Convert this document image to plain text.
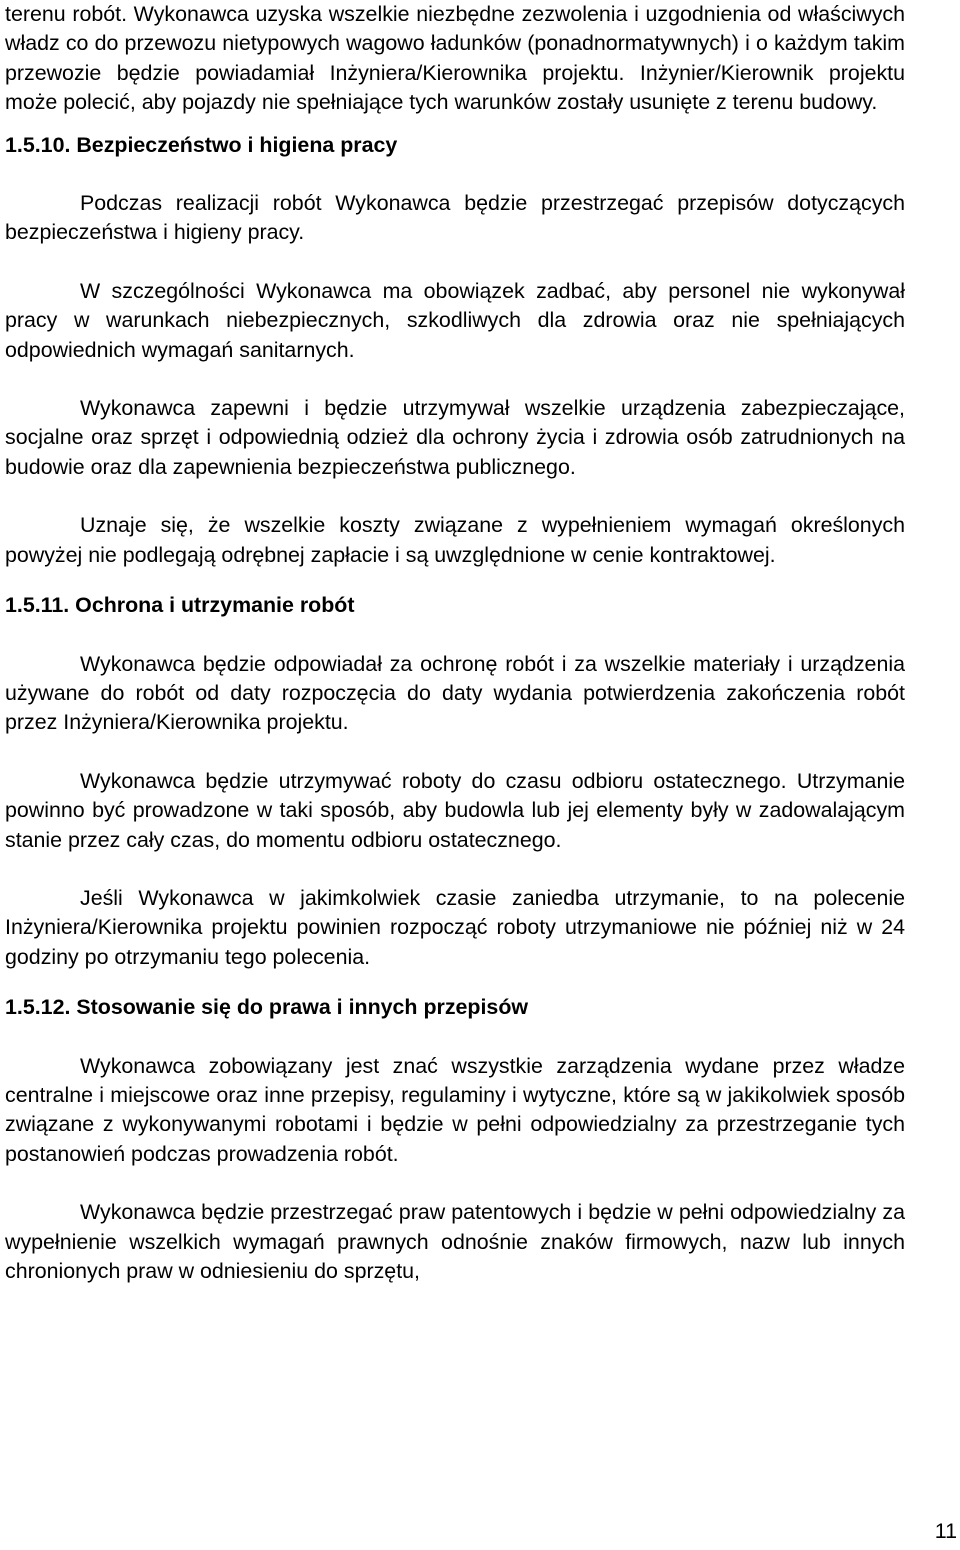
terenu robót. Wykonawca uzyska wszelkie niezbędne zezwolenia i uzgodnienia od właściwych władz co do przewozu nietypowych wagowo ładunków (ponadnormatywnych) i o każdym takim przewozie będzie powiadamiał Inżyniera/Kierownika projektu. Inżynier/Kierownik projektu może polecić, aby pojazdy nie spełniające tych warunków zostały usunięte z terenu budowy.

1.5.10. Bezpieczeństwo i higiena pracy

Podczas realizacji robót Wykonawca będzie przestrzegać przepisów dotyczących bezpieczeństwa i higieny pracy.

W szczególności Wykonawca ma obowiązek zadbać, aby personel nie wykonywał pracy w warunkach niebezpiecznych, szkodliwych dla zdrowia oraz nie spełniających odpowiednich wymagań sanitarnych.

Wykonawca zapewni i będzie utrzymywał wszelkie urządzenia zabezpieczające, socjalne oraz sprzęt i odpowiednią odzież dla ochrony życia i zdrowia osób zatrudnionych na budowie oraz dla zapewnienia bezpieczeństwa publicznego.

Uznaje się, że wszelkie koszty związane z wypełnieniem wymagań określonych powyżej nie podlegają odrębnej zapłacie i są uwzględnione w cenie kontraktowej.

1.5.11. Ochrona i utrzymanie robót

Wykonawca będzie odpowiadał za ochronę robót i za wszelkie materiały i urządzenia używane do robót od daty rozpoczęcia do daty wydania potwierdzenia zakończenia robót przez Inżyniera/Kierownika projektu.

Wykonawca będzie utrzymywać roboty do czasu odbioru ostatecznego. Utrzymanie powinno być prowadzone w taki sposób, aby budowla lub jej elementy były w zadowalającym stanie przez cały czas, do momentu odbioru ostatecznego.

Jeśli Wykonawca w jakimkolwiek czasie zaniedba utrzymanie, to na polecenie Inżyniera/Kierownika projektu powinien rozpocząć roboty utrzymaniowe nie później niż w 24 godziny po otrzymaniu tego polecenia.

1.5.12. Stosowanie się do prawa i innych przepisów

Wykonawca zobowiązany jest znać wszystkie zarządzenia wydane przez władze centralne i miejscowe oraz inne przepisy, regulaminy i wytyczne, które są w jakikolwiek sposób związane z wykonywanymi robotami i będzie w pełni odpowiedzialny za przestrzeganie tych postanowień podczas prowadzenia robót.

Wykonawca będzie przestrzegać praw patentowych i będzie w pełni odpowiedzialny za wypełnienie wszelkich wymagań prawnych odnośnie znaków firmowych, nazw lub innych chronionych praw w odniesieniu do sprzętu,

11
